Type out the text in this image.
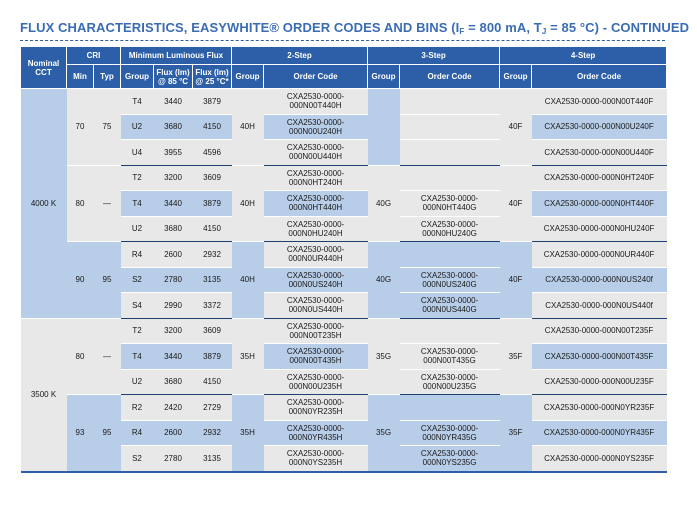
FLUX CHARACTERISTICS, EASYWHITE® ORDER CODES AND BINS ($I_F = 800$ mA, $T_J = 85$ °C) - CONTINUED
Nominal CCT	CRI		Minimum Luminous Flux			2-Step		3-Step		4-Step	
	Min	Typ	Group	Flux (lm) @ 85 °C	Flux (lm) @ 25 °C*	Group	Order Code	Group	Order Code	Group	Order Code
4000 K	70	75	T4	3440	3879	40H	CXA2530-0000-000N00T440H			40F	CXA2530-0000-000N00T440F
			U2	3680	4150		CXA2530-0000-000N00U240H				CXA2530-0000-000N00U240F
			U4	3955	4596		CXA2530-0000-000N00U440H				CXA2530-0000-000N00U440F
	80	—	T2	3200	3609	40H	CXA2530-0000-000N0HT240H	40G		40F	CXA2530-0000-000N0HT240F
			T4	3440	3879		CXA2530-0000-000N0HT440H		CXA2530-0000-000N0HT440G		CXA2530-0000-000N0HT440F
			U2	3680	4150		CXA2530-0000-000N0HU240H		CXA2530-0000-000N0HU240G		CXA2530-0000-000N0HU240F
	90	95	R4	2600	2932	40H	CXA2530-0000-000N0UR440H	40G		40F	CXA2530-0000-000N0UR440F
			S2	2780	3135		CXA2530-0000-000N0US240H		CXA2530-0000-000N0US240G		CXA2530-0000-000N0US240f
			S4	2990	3372		CXA2530-0000-000N0US440H		CXA2530-0000-000N0US440G		CXA2530-0000-000N0US440f
3500 K	80	—	T2	3200	3609	35H	CXA2530-0000-000N00T235H	35G		35F	CXA2530-0000-000N00T235F
			T4	3440	3879		CXA2530-0000-000N00T435H		CXA2530-0000-000N00T435G		CXA2530-0000-000N00T435F
			U2	3680	4150		CXA2530-0000-000N00U235H		CXA2530-0000-000N00U235G		CXA2530-0000-000N00U235F
	93	95	R2	2420	2729	35H	CXA2530-0000-000N0YR235H	35G		35F	CXA2530-0000-000N0YR235F
			R4	2600	2932		CXA2530-0000-000N0YR435H		CXA2530-0000-000N0YR435G		CXA2530-0000-000N0YR435F
			S2	2780	3135		CXA2530-0000-000N0YS235H		CXA2530-0000-000N0YS235G		CXA2530-0000-000N0YS235F
